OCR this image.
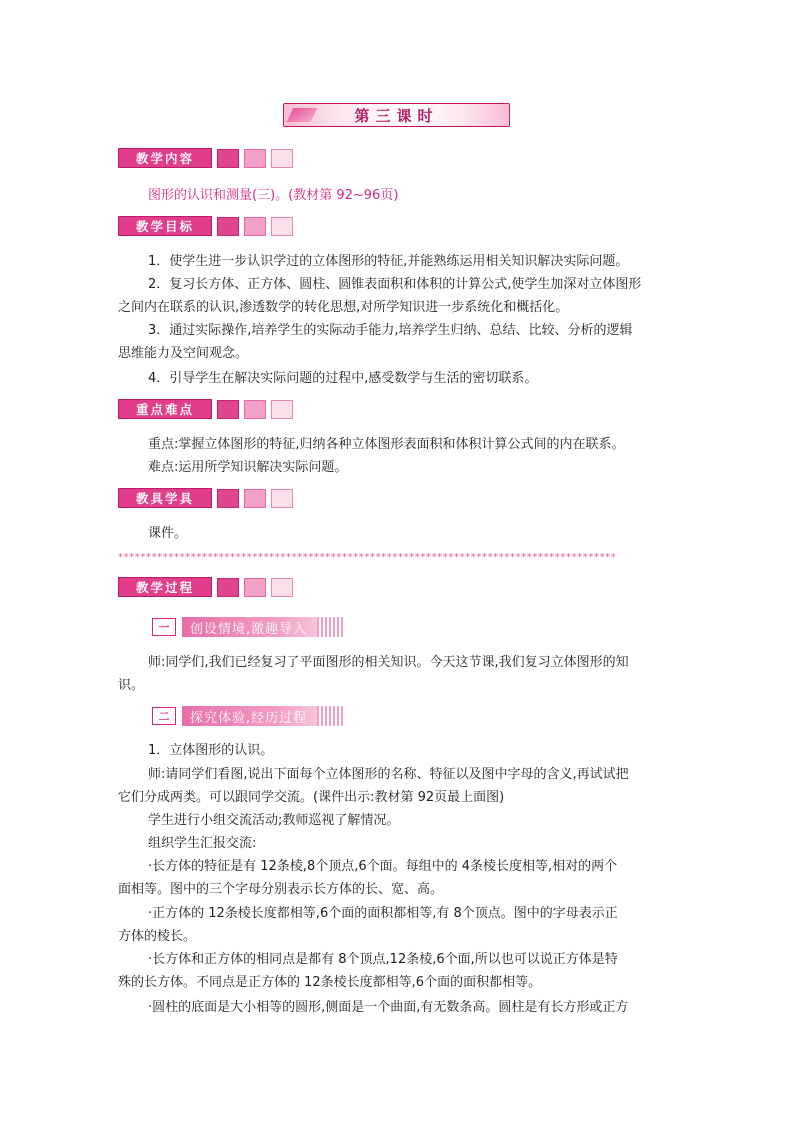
第三课时
教学内容
图形的认识和测量(三)。(教材第 92~96页)
教学目标
1．使学生进一步认识学过的立体图形的特征,并能熟练运用相关知识解决实际问题。
2．复习长方体、正方体、圆柱、圆锥表面积和体积的计算公式,使学生加深对立体图形
之间内在联系的认识,渗透数学的转化思想,对所学知识进一步系统化和概括化。
3．通过实际操作,培养学生的实际动手能力,培养学生归纳、总结、比较、分析的逻辑
思维能力及空间观念。
4．引导学生在解决实际问题的过程中,感受数学与生活的密切联系。
重点难点
重点:掌握立体图形的特征,归纳各种立体图形表面积和体积计算公式间的内在联系。
难点:运用所学知识解决实际问题。
教具学具
课件。
*****************************************************************************************
教学过程
一	创设情境,激趣导入
师:同学们,我们已经复习了平面图形的相关知识。今天这节课,我们复习立体图形的知
识。
二	探究体验,经历过程
1．立体图形的认识。
师:请同学们看图,说出下面每个立体图形的名称、特征以及图中字母的含义,再试试把
它们分成两类。可以跟同学交流。(课件出示:教材第 92页最上面图)
学生进行小组交流活动;教师巡视了解情况。
组织学生汇报交流:
·长方体的特征是有 12条棱,8个顶点,6个面。每组中的 4条棱长度相等,相对的两个
面相等。图中的三个字母分别表示长方体的长、宽、高。
·正方体的 12条棱长度都相等,6个面的面积都相等,有 8个顶点。图中的字母表示正
方体的棱长。
·长方体和正方体的相同点是都有 8个顶点,12条棱,6个面,所以也可以说正方体是特
殊的长方体。不同点是正方体的 12条棱长度都相等,6个面的面积都相等。
·圆柱的底面是大小相等的圆形,侧面是一个曲面,有无数条高。圆柱是有长方形或正方
